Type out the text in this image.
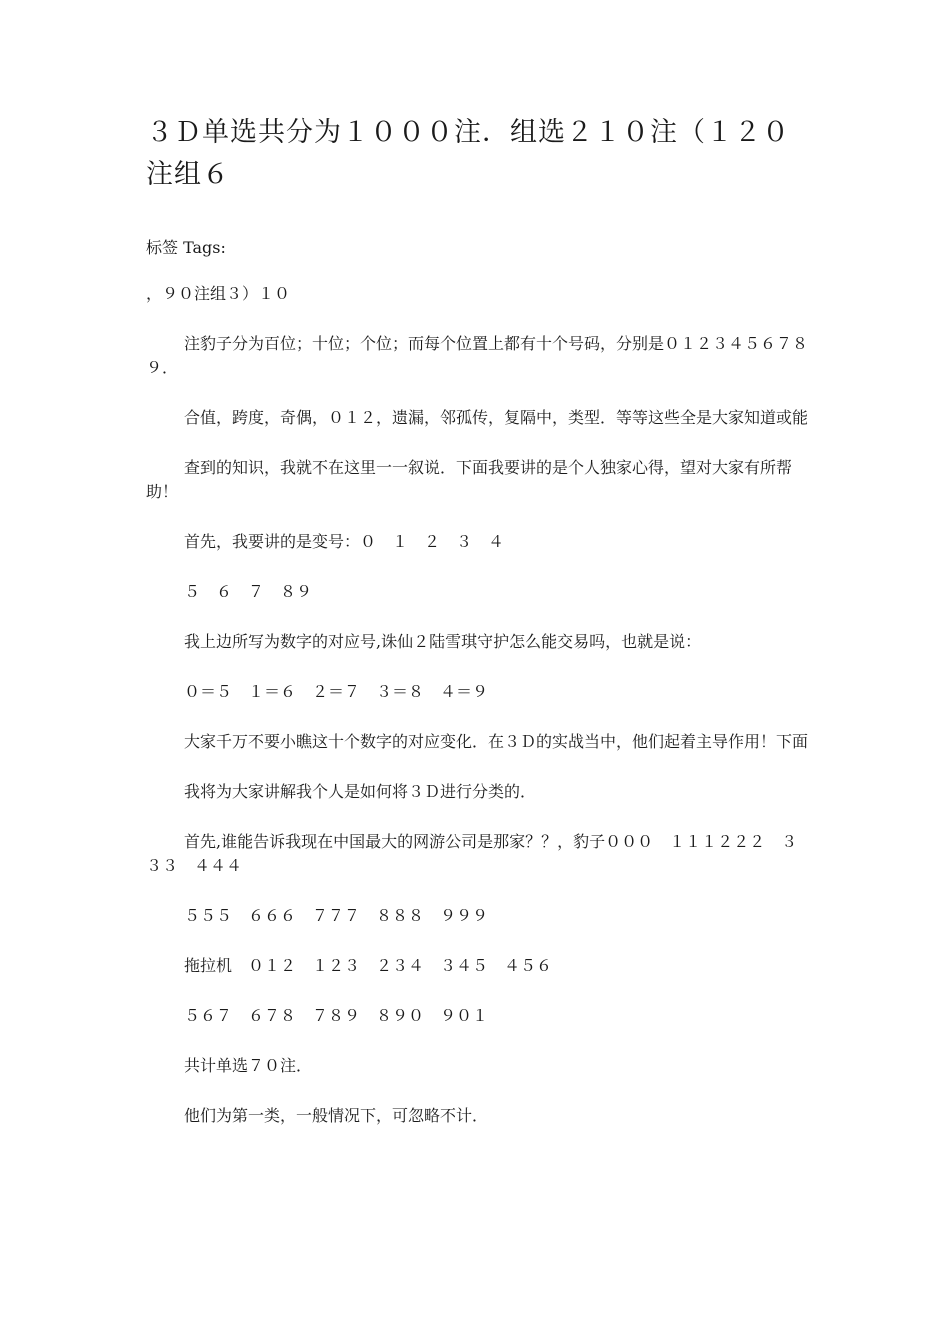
３Ｄ单选共分为１０００注．组选２１０注（１２０注组６
标签 Tags:
，９０注组３）１０
注豹子分为百位；十位；个位；而每个位置上都有十个号码，分别是０１２３４５６７８９．
合值，跨度，奇偶，０１２，遗漏，邻孤传，复隔中，类型．等等这些全是大家知道或能
查到的知识，我就不在这里一一叙说．下面我要讲的是个人独家心得，望对大家有所帮助！
首先，我要讲的是变号：０　１　２　３　４
５　６　７　８９
我上边所写为数字的对应号,诛仙２陆雪琪守护怎么能交易吗，也就是说：
０＝５　１＝６　２＝７　３＝８　４＝９
大家千万不要小瞧这十个数字的对应变化．在３Ｄ的实战当中，他们起着主导作用！下面
我将为大家讲解我个人是如何将３Ｄ进行分类的．
首先,谁能告诉我现在中国最大的网游公司是那家？？，豹子０００　１１１２２２　３３３　４４４
５５５　６６６　７７７　８８８　９９９
拖拉机　０１２　１２３　２３４　３４５　４５６
５６７　６７８　７８９　８９０　９０１
共计单选７０注．
他们为第一类，一般情况下，可忽略不计．
